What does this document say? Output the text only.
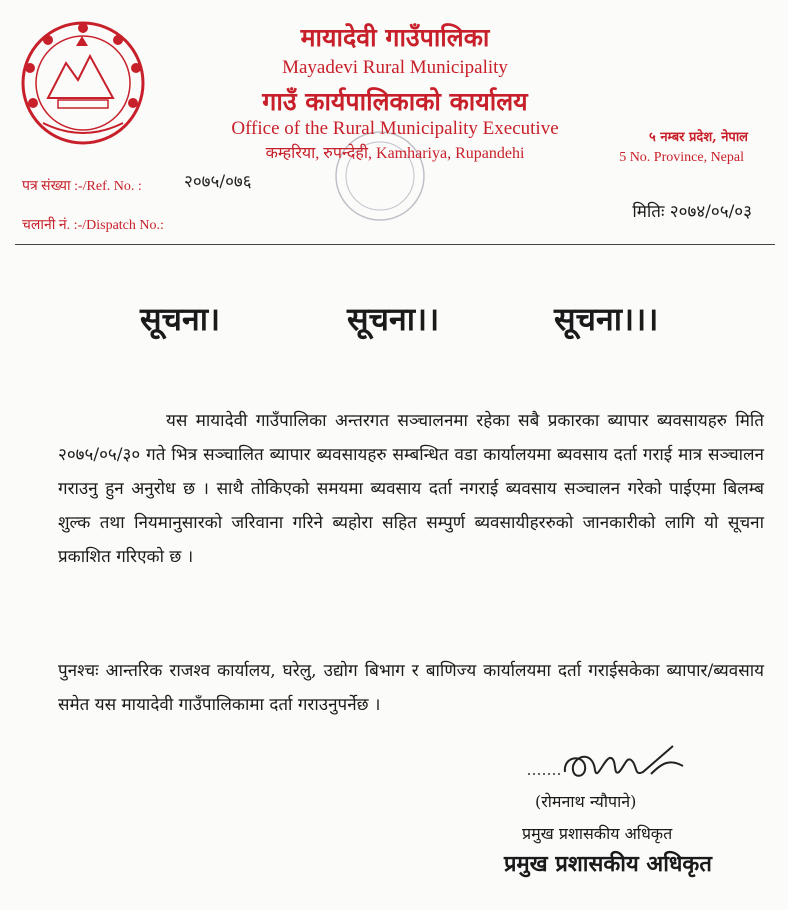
मायादेवी गाउँपालिका
Mayadevi Rural Municipality
गाउँ कार्यपालिकाको कार्यालय
Office of the Rural Municipality Executive
कम्हरिया, रुपन्देही, Kamhariya, Rupandehi
५ नम्बर प्रदेश, नेपाल
5 No. Province, Nepal
पत्र संख्या :-/Ref. No. : २०७५/०७६
चलानी नं. :-/Dispatch No.:
मितिः २०७४/०५/०३
सूचना।	सूचना।।	सूचना।।।
यस मायादेवी गाउँपालिका अन्तरगत सञ्चालनमा रहेका सबै प्रकारका ब्यापार ब्यवसायहरु मिति २०७५/०५/३० गते भित्र सञ्चालित ब्यापार ब्यवसायहरु सम्बन्धित वडा कार्यालयमा ब्यवसाय दर्ता गराई मात्र सञ्चालन गराउनु हुन अनुरोध छ । साथै तोकिएको समयमा ब्यवसाय दर्ता नगराई ब्यवसाय सञ्चालन गरेको पाईएमा बिलम्ब शुल्क तथा नियमानुसारको जरिवाना गरिने ब्यहोरा सहित सम्पुर्ण ब्यवसायीहररुको जानकारीको लागि यो सूचना प्रकाशित गरिएको छ ।
पुनश्चः आन्तरिक राजश्व कार्यालय, घरेलु, उद्योग बिभाग र बाणिज्य कार्यालयमा दर्ता गराईसकेका ब्यापार/ब्यवसाय समेत यस मायादेवी गाउँपालिकामा दर्ता गराउनुपर्नेछ ।
(रोमनाथ न्यौपाने)
प्रमुख प्रशासकीय अधिकृत
प्रमुख प्रशासकीय अधिकृत
